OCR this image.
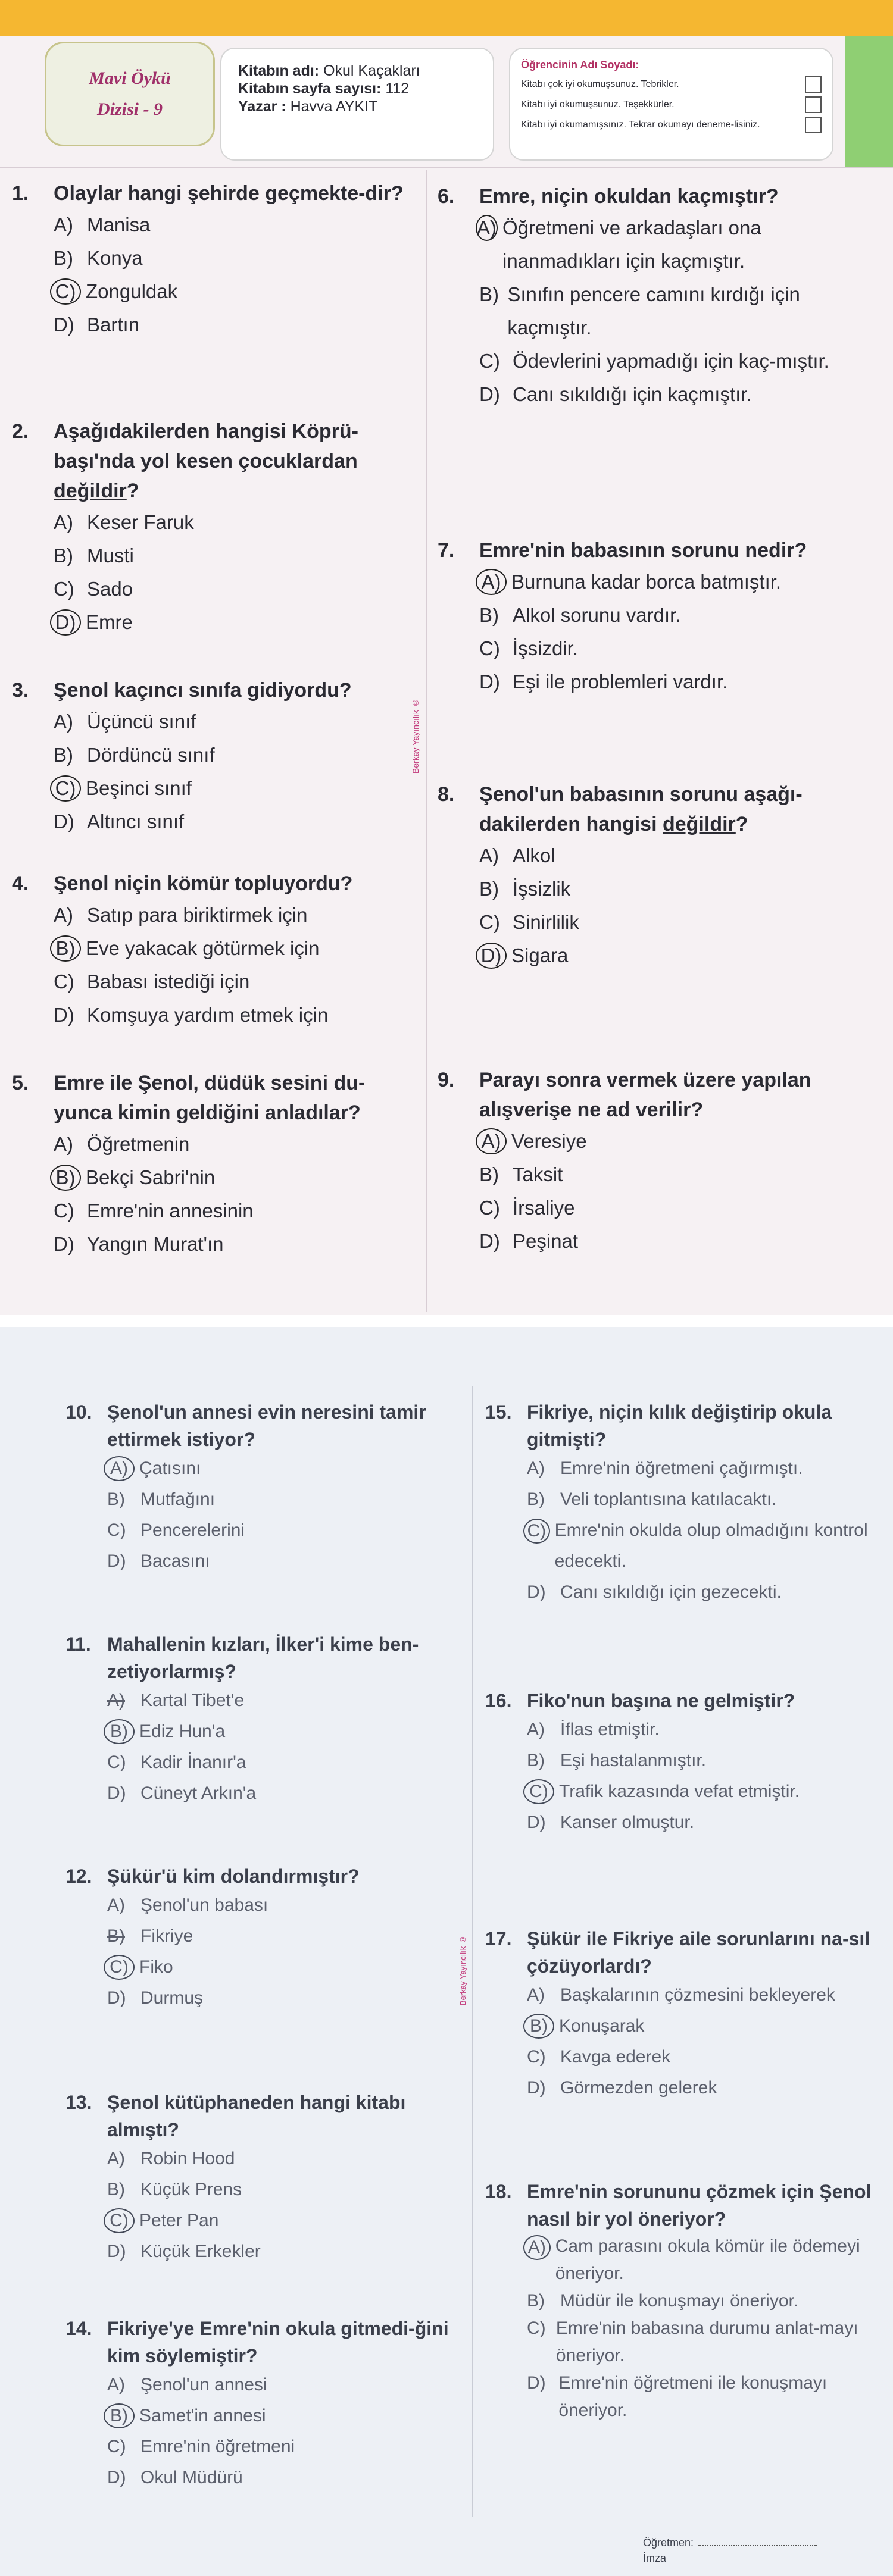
Mavi Öykü
Dizisi - 9
Kitabın adı: Okul Kaçakları
Kitabın sayfa sayısı: 112
Yazar : Havva AYKIT
Öğrencinin Adı Soyadı:
Kitabı çok iyi okumuşsunuz. Tebrikler.
Kitabı iyi okumuşsunuz. Teşekkürler.
Kitabı iyi okumamışsınız. Tekrar okumayı deneme-lisiniz.
Berkay Yayıncılık ©
1.	Olaylar hangi şehirde geçmekte-dir?
A) Manisa
B) Konya
C) Zonguldak
D) Bartın
2.	Aşağıdakilerden hangisi Köprü-başı'nda yol kesen çocuklardan değildir?
A) Keser Faruk
B) Musti
C) Sado
D) Emre
3.	Şenol kaçıncı sınıfa gidiyordu?
A) Üçüncü sınıf
B) Dördüncü sınıf
C) Beşinci sınıf
D) Altıncı sınıf
4.	Şenol niçin kömür topluyordu?
A) Satıp para biriktirmek için
B) Eve yakacak götürmek için
C) Babası istediği için
D) Komşuya yardım etmek için
5.	Emre ile Şenol, düdük sesini du-yunca kimin geldiğini anladılar?
A) Öğretmenin
B) Bekçi Sabri'nin
C) Emre'nin annesinin
D) Yangın Murat'ın
6.	Emre, niçin okuldan kaçmıştır?
A) Öğretmeni ve arkadaşları ona inanmadıkları için kaçmıştır.
B) Sınıfın pencere camını kırdığı için kaçmıştır.
C) Ödevlerini yapmadığı için kaç-mıştır.
D) Canı sıkıldığı için kaçmıştır.
7.	Emre'nin babasının sorunu nedir?
A) Burnuna kadar borca batmıştır.
B) Alkol sorunu vardır.
C) İşsizdir.
D) Eşi ile problemleri vardır.
8.	Şenol'un babasının sorunu aşağı-dakilerden hangisi değildir?
A) Alkol
B) İşsizlik
C) Sinirlilik
D) Sigara
9.	Parayı sonra vermek üzere yapılan alışverişe ne ad verilir?
A) Veresiye
B) Taksit
C) İrsaliye
D) Peşinat
Berkay Yayıncılık ©
10. Şenol'un annesi evin neresini tamir ettirmek istiyor?
A) Çatısını
B) Mutfağını
C) Pencerelerini
D) Bacasını
11. Mahallenin kızları, İlker'i kime ben-zetiyorlarmış?
A) Kartal Tibet'e
B) Ediz Hun'a
C) Kadir İnanır'a
D) Cüneyt Arkın'a
12. Şükür'ü kim dolandırmıştır?
A) Şenol'un babası
B) Fikriye
C) Fiko
D) Durmuş
13. Şenol kütüphaneden hangi kitabı almıştı?
A) Robin Hood
B) Küçük Prens
C) Peter Pan
D) Küçük Erkekler
14. Fikriye'ye Emre'nin okula gitmedi-ğini kim söylemiştir?
A) Şenol'un annesi
B) Samet'in annesi
C) Emre'nin öğretmeni
D) Okul Müdürü
15. Fikriye, niçin kılık değiştirip okula gitmişti?
A) Emre'nin öğretmeni çağırmıştı.
B) Veli toplantısına katılacaktı.
C) Emre'nin okulda olup olmadığını kontrol edecekti.
D) Canı sıkıldığı için gezecekti.
16. Fiko'nun başına ne gelmiştir?
A) İflas etmiştir.
B) Eşi hastalanmıştır.
C) Trafik kazasında vefat etmiştir.
D) Kanser olmuştur.
17. Şükür ile Fikriye aile sorunlarını na-sıl çözüyorlardı?
A) Başkalarının çözmesini bekleyerek
B) Konuşarak
C) Kavga ederek
D) Görmezden gelerek
18. Emre'nin sorununu çözmek için Şenol nasıl bir yol öneriyor?
A) Cam parasını okula kömür ile ödemeyi öneriyor.
B) Müdür ile konuşmayı öneriyor.
C) Emre'nin babasına durumu anlat-mayı öneriyor.
D) Emre'nin öğretmeni ile konuşmayı öneriyor.
Öğretmen:
İmza
